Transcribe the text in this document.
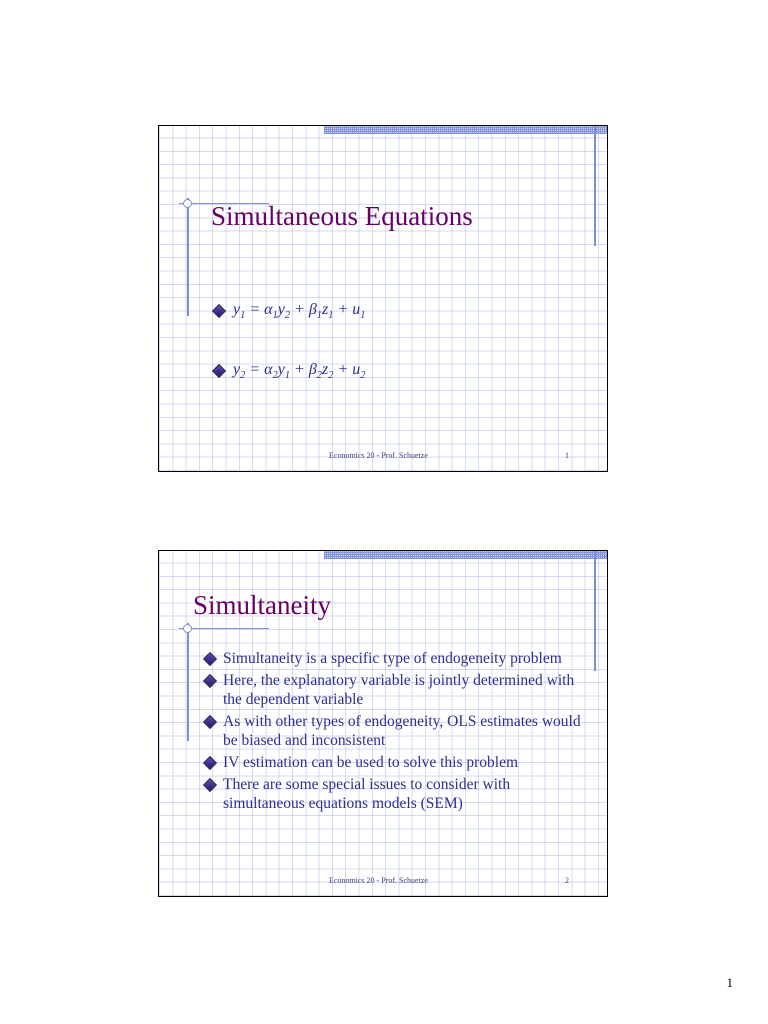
Simultaneous Equations
$y_1 = \alpha_1y_2 + \beta_1z_1 + u_1$
$y_2 = \alpha_2y_1 + \beta_2z_2 + u_2$
Economics 20 - Prof. Schuetze	1
Simultaneity
Simultaneity is a specific type of endogeneity problem
Here, the explanatory variable is jointly determined with the dependent variable
As with other types of endogeneity, OLS estimates would be biased and inconsistent
IV estimation can be used to solve this problem
There are some special issues to consider with simultaneous equations models (SEM)
Economics 20 - Prof. Schuetze	2
1
